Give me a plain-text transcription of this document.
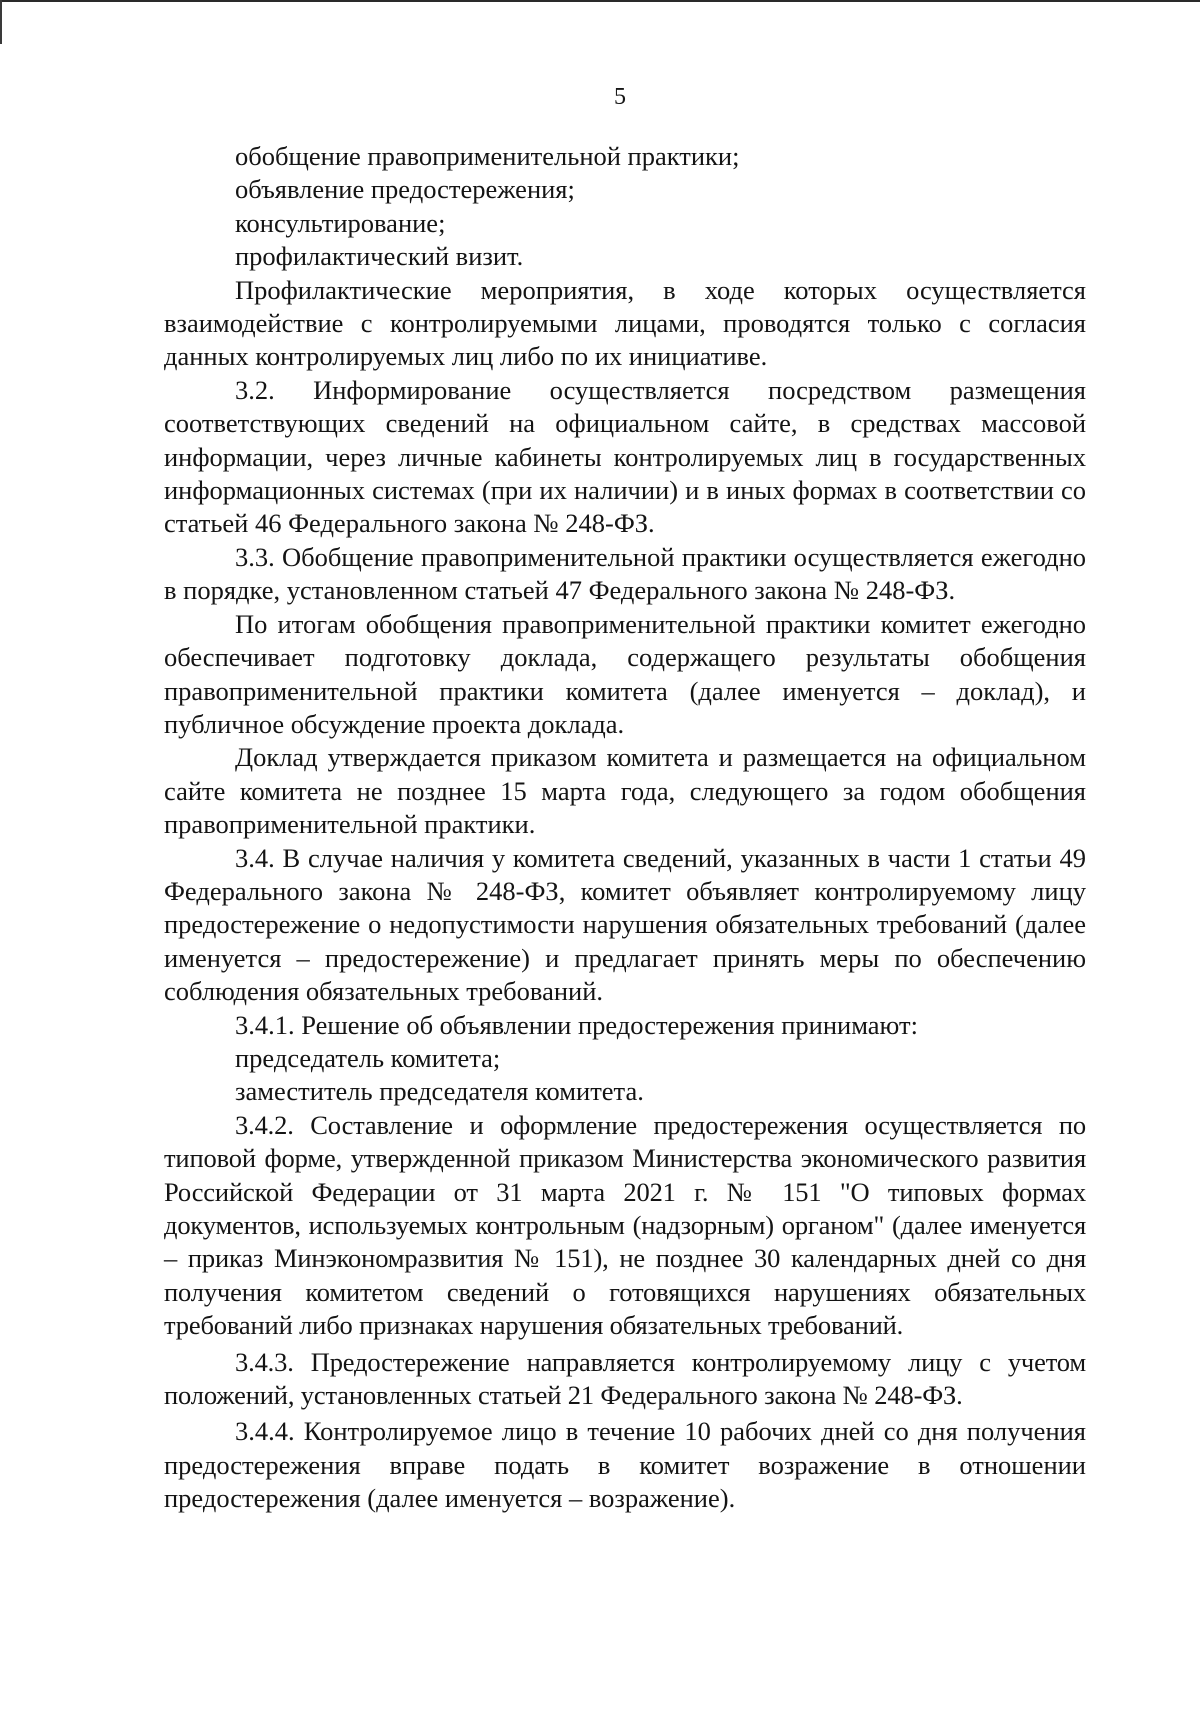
5

обобщение правоприменительной практики;

объявление предостережения;

консультирование;

профилактический визит.

Профилактические мероприятия, в ходе которых осуществляется взаимодействие с контролируемыми лицами, проводятся только с согласия данных контролируемых лиц либо по их инициативе.

3.2. Информирование осуществляется посредством размещения соответствующих сведений на официальном сайте, в средствах массовой информации, через личные кабинеты контролируемых лиц в государственных информационных системах (при их наличии) и в иных формах в соответствии со статьей 46 Федерального закона № 248-ФЗ.

3.3. Обобщение правоприменительной практики осуществляется ежегодно в порядке, установленном статьей 47 Федерального закона № 248-ФЗ.

По итогам обобщения правоприменительной практики комитет ежегодно обеспечивает подготовку доклада, содержащего результаты обобщения правоприменительной практики комитета (далее именуется – доклад), и публичное обсуждение проекта доклада.

Доклад утверждается приказом комитета и размещается на официальном сайте комитета не позднее 15 марта года, следующего за годом обобщения правоприменительной практики.

3.4. В случае наличия у комитета сведений, указанных в части 1 статьи 49 Федерального закона № 248-ФЗ, комитет объявляет контролируемому лицу предостережение о недопустимости нарушения обязательных требований (далее именуется – предостережение) и предлагает принять меры по обеспечению соблюдения обязательных требований.

3.4.1. Решение об объявлении предостережения принимают:

председатель комитета;

заместитель председателя комитета.

3.4.2. Составление и оформление предостережения осуществляется по типовой форме, утвержденной приказом Министерства экономического развития Российской Федерации от 31 марта 2021 г. № 151 "О типовых формах документов, используемых контрольным (надзорным) органом" (далее именуется – приказ Минэкономразвития № 151), не позднее 30 календарных дней со дня получения комитетом сведений о готовящихся нарушениях обязательных требований либо признаках нарушения обязательных требований.

3.4.3. Предостережение направляется контролируемому лицу с учетом положений, установленных статьей 21 Федерального закона № 248-ФЗ.

3.4.4. Контролируемое лицо в течение 10 рабочих дней со дня получения предостережения вправе подать в комитет возражение в отношении предостережения (далее именуется – возражение).
